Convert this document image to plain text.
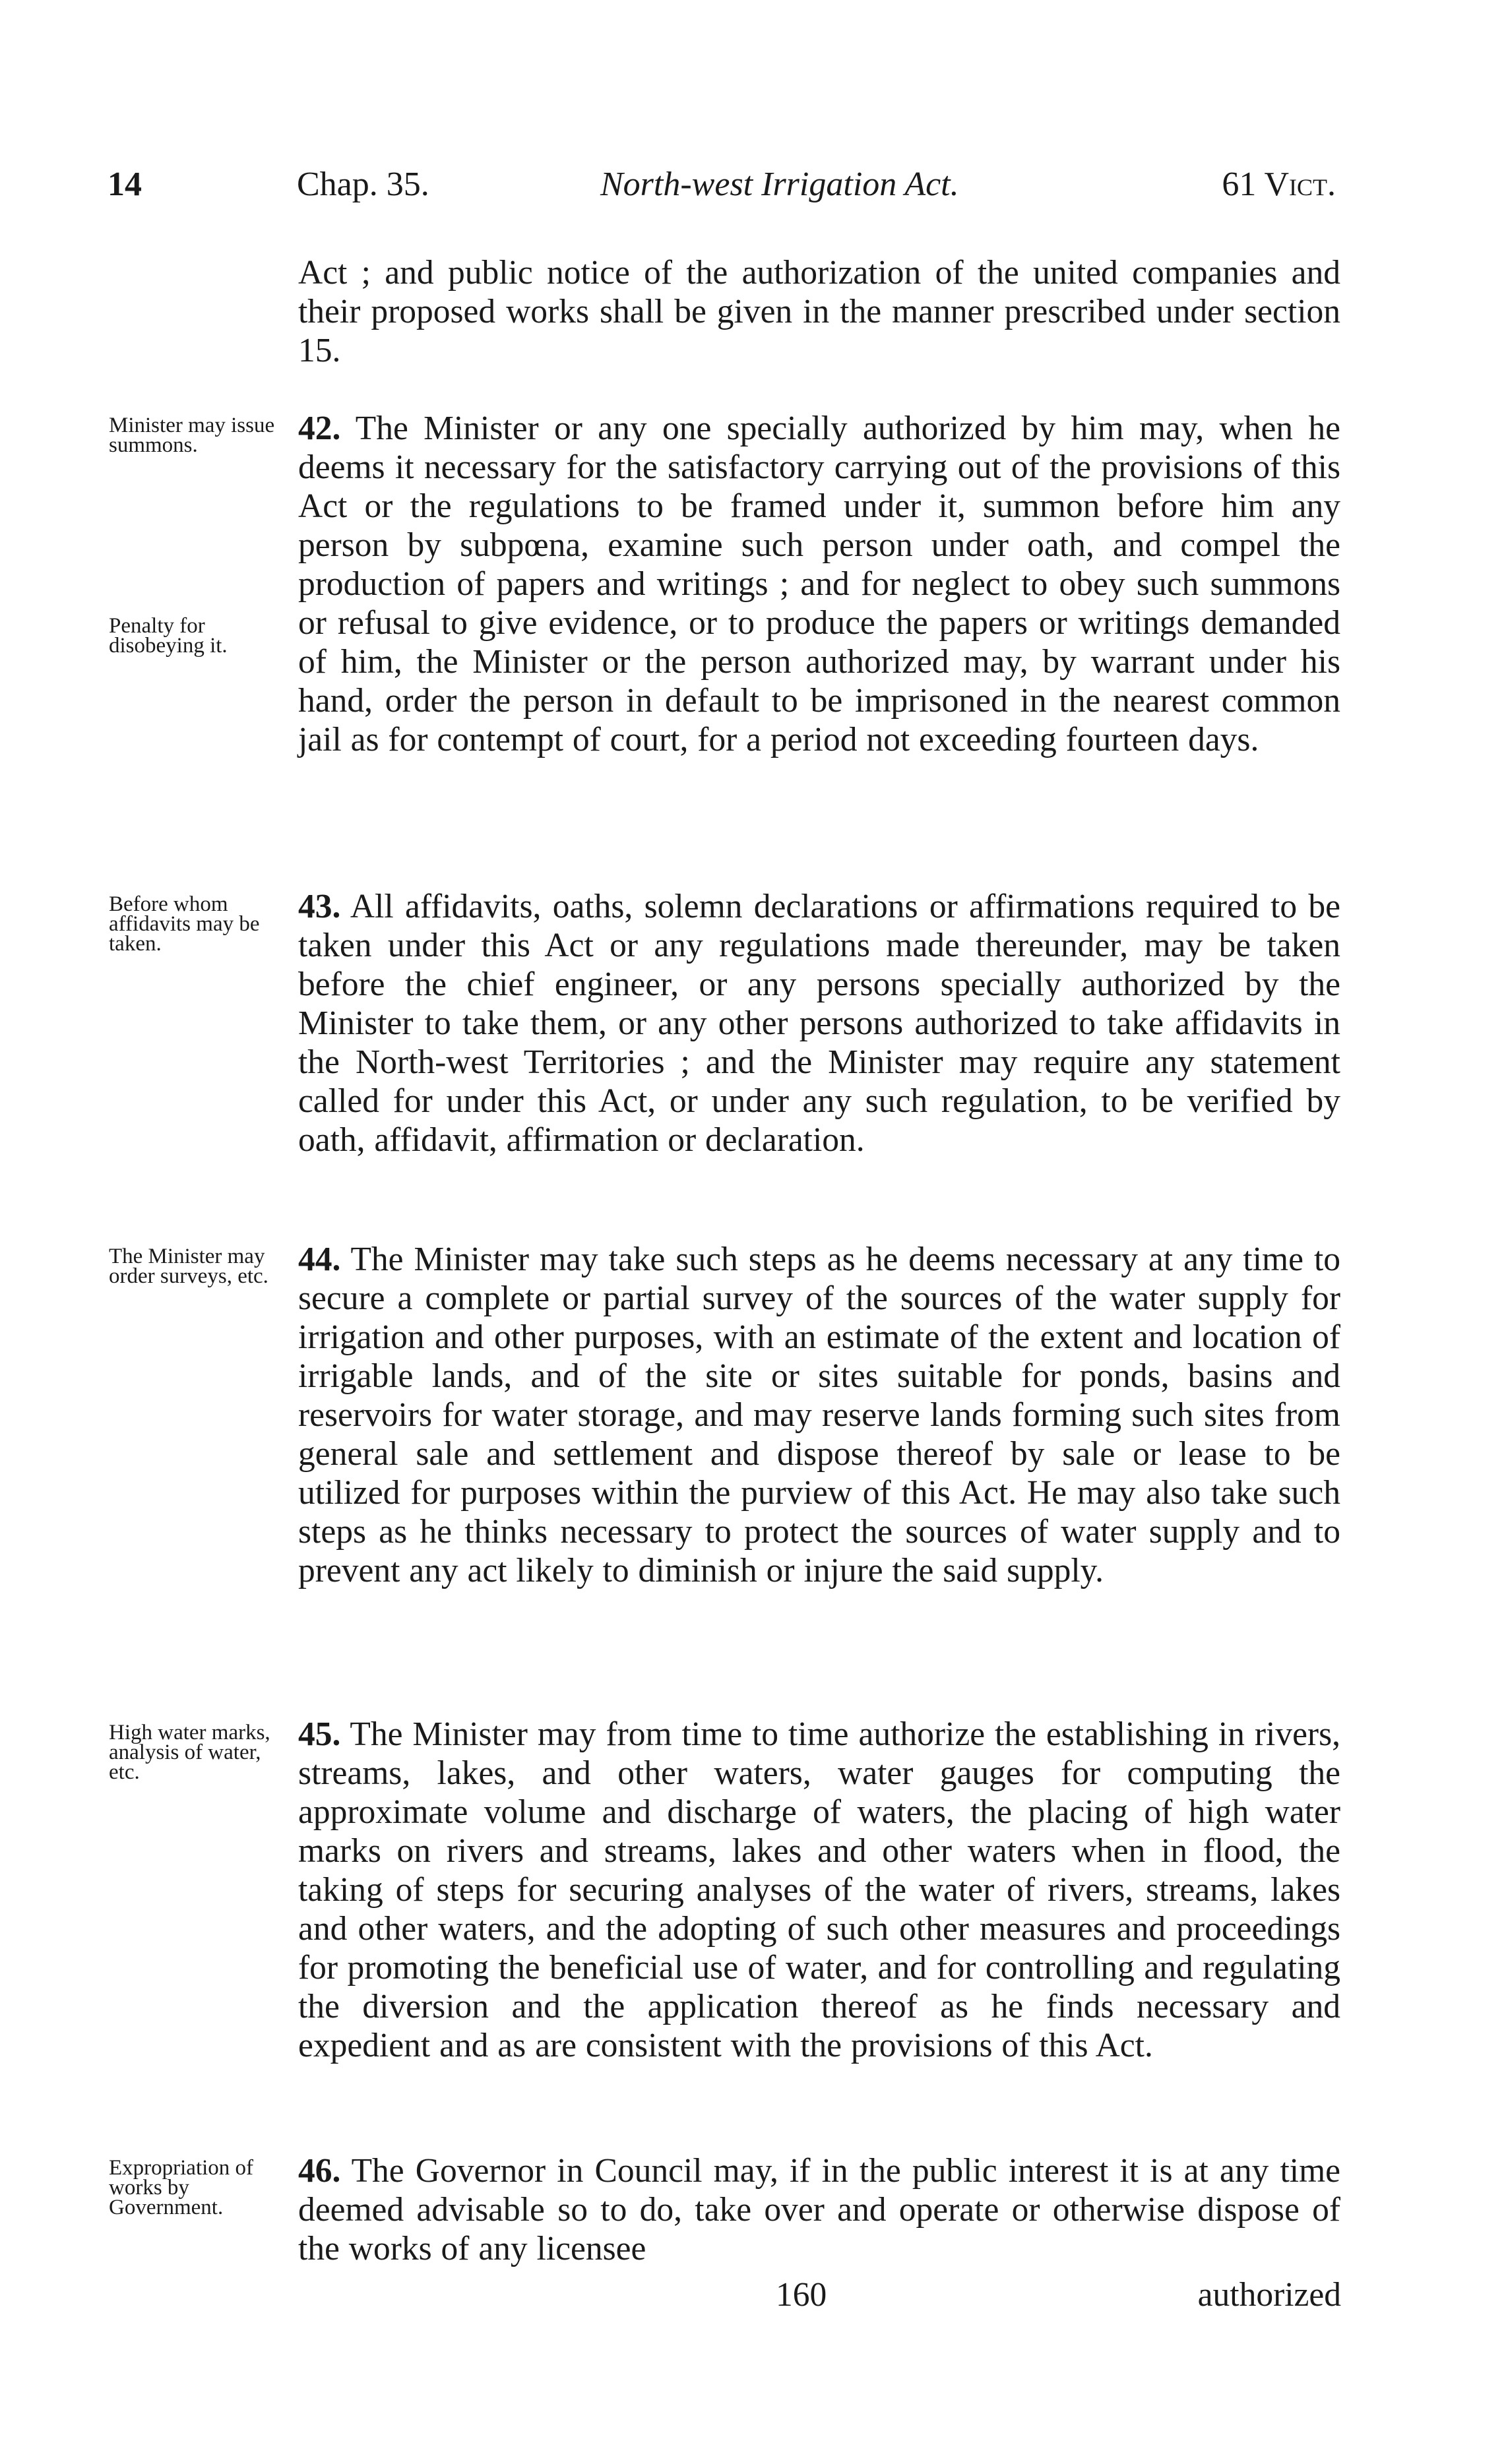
14	Chap. 35.	North-west Irrigation Act.	61 Vict.
Act ; and public notice of the authorization of the united companies and their proposed works shall be given in the manner prescribed under section 15.
Minister may issue summons.
Penalty for disobeying it.
42. The Minister or any one specially authorized by him may, when he deems it necessary for the satisfactory carrying out of the provisions of this Act or the regulations to be framed under it, summon before him any person by subpœna, examine such person under oath, and compel the production of papers and writings ; and for neglect to obey such summons or refusal to give evidence, or to produce the papers or writings demanded of him, the Minister or the person authorized may, by warrant under his hand, order the person in default to be imprisoned in the nearest common jail as for contempt of court, for a period not exceeding fourteen days.
Before whom affidavits may be taken.
43. All affidavits, oaths, solemn declarations or affirmations required to be taken under this Act or any regulations made thereunder, may be taken before the chief engineer, or any persons specially authorized by the Minister to take them, or any other persons authorized to take affidavits in the North-west Territories ; and the Minister may require any statement called for under this Act, or under any such regulation, to be verified by oath, affidavit, affirmation or declaration.
The Minister may order surveys, etc. 44. The Minister may take such steps as he deems necessary at any time to secure a complete or partial survey of the sources of the water supply for irrigation and other purposes, with an estimate of the extent and location of irrigable lands, and of the site or sites suitable for ponds, basins and reservoirs for water storage, and may reserve lands forming such sites from general sale and settlement and dispose thereof by sale or lease to be utilized for purposes within the purview of this Act. He may also take such steps as he thinks necessary to protect the sources of water supply and to prevent any act likely to diminish or injure the said supply.
High water marks, analysis of water, etc.
45. The Minister may from time to time authorize the establishing in rivers, streams, lakes, and other waters, water gauges for computing the approximate volume and discharge of waters, the placing of high water marks on rivers and streams, lakes and other waters when in flood, the taking of steps for securing analyses of the water of rivers, streams, lakes and other waters, and the adopting of such other measures and proceedings for promoting the beneficial use of water, and for controlling and regulating the diversion and the application thereof as he finds necessary and expedient and as are consistent with the provisions of this Act.
Expropriation of works by Government.
46. The Governor in Council may, if in the public interest it is at any time deemed advisable so to do, take over and operate or otherwise dispose of the works of any licensee
160	authorized
